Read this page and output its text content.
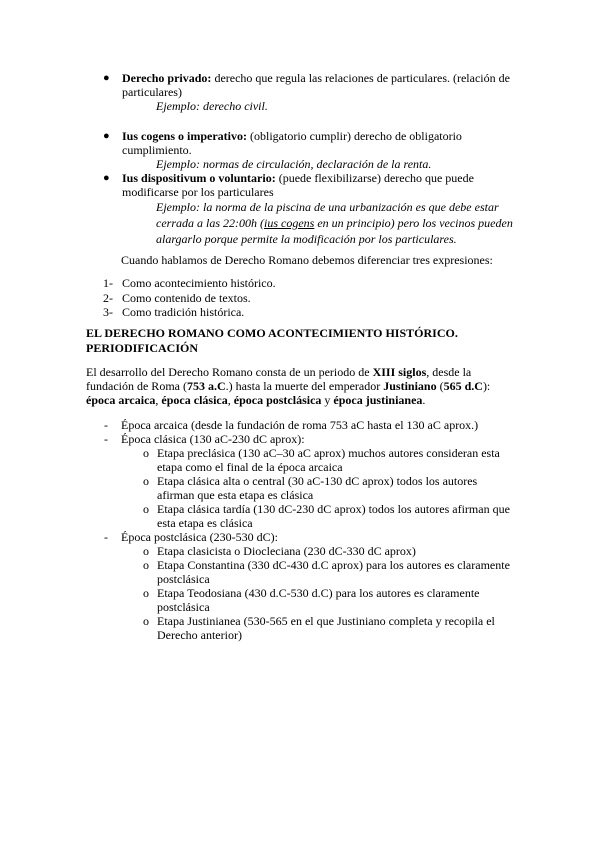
● Derecho privado: derecho que regula las relaciones de particulares. (relación de particulares)
Ejemplo: derecho civil.
● Ius cogens o imperativo: (obligatorio cumplir) derecho de obligatorio cumplimiento.
Ejemplo: normas de circulación, declaración de la renta.
● Ius dispositivum o voluntario: (puede flexibilizarse) derecho que puede modificarse por los particulares
Ejemplo: la norma de la piscina de una urbanización es que debe estar cerrada a las 22:00h (ius cogens en un principio) pero los vecinos pueden alargarlo porque permite la modificación por los particulares.
Cuando hablamos de Derecho Romano debemos diferenciar tres expresiones:
1- Como acontecimiento histórico.
2- Como contenido de textos.
3- Como tradición histórica.
EL DERECHO ROMANO COMO ACONTECIMIENTO HISTÓRICO. PERIODIFICACIÓN
El desarrollo del Derecho Romano consta de un periodo de XIII siglos, desde la fundación de Roma (753 a.C.) hasta la muerte del emperador Justiniano (565 d.C): época arcaica, época clásica, época postclásica y época justinianea.
- Época arcaica (desde la fundación de roma 753 aC hasta el 130 aC aprox.)
- Época clásica (130 aC-230 dC aprox):
o Etapa preclásica (130 aC–30 aC aprox) muchos autores consideran esta etapa como el final de la época arcaica
o Etapa clásica alta o central (30 aC-130 dC aprox) todos los autores afirman que esta etapa es clásica
o Etapa clásica tardía (130 dC-230 dC aprox) todos los autores afirman que esta etapa es clásica
- Época postclásica (230-530 dC):
o Etapa clasicista o Diocleciana (230 dC-330 dC aprox)
o Etapa Constantina (330 dC-430 d.C aprox) para los autores es claramente postclásica
o Etapa Teodosiana (430 d.C-530 d.C) para los autores es claramente postclásica
o Etapa Justinianea (530-565 en el que Justiniano completa y recopila el Derecho anterior)
